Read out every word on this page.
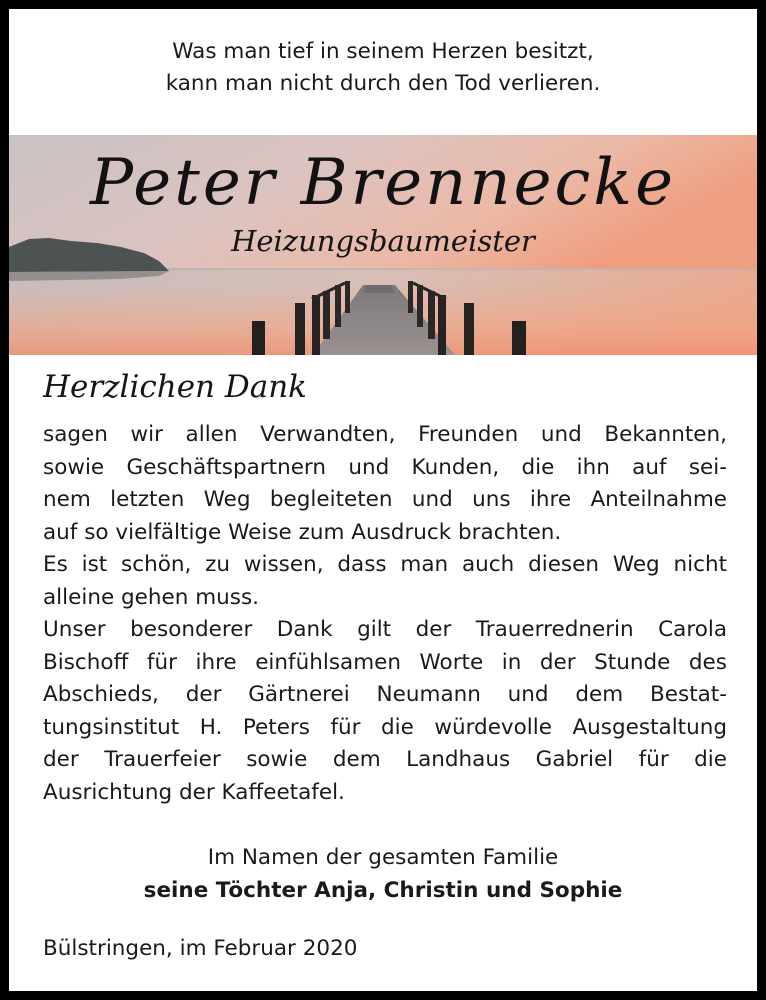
Was man tief in seinem Herzen besitzt,
kann man nicht durch den Tod verlieren.
Peter Brennecke
Heizungsbaumeister
Herzlichen Dank
sagen wir allen Verwandten, Freunden und Bekannten,
sowie Geschäftspartnern und Kunden, die ihn auf sei-
nem letzten Weg begleiteten und uns ihre Anteilnahme
auf so vielfältige Weise zum Ausdruck brachten.
Es ist schön, zu wissen, dass man auch diesen Weg nicht
alleine gehen muss.
Unser besonderer Dank gilt der Trauerrednerin Carola
Bischoff für ihre einfühlsamen Worte in der Stunde des
Abschieds, der Gärtnerei Neumann und dem Bestat-
tungsinstitut H. Peters für die würdevolle Ausgestaltung
der Trauerfeier sowie dem Landhaus Gabriel für die
Ausrichtung der Kaffeetafel.
Im Namen der gesamten Familie
seine Töchter Anja, Christin und Sophie
Bülstringen, im Februar 2020
